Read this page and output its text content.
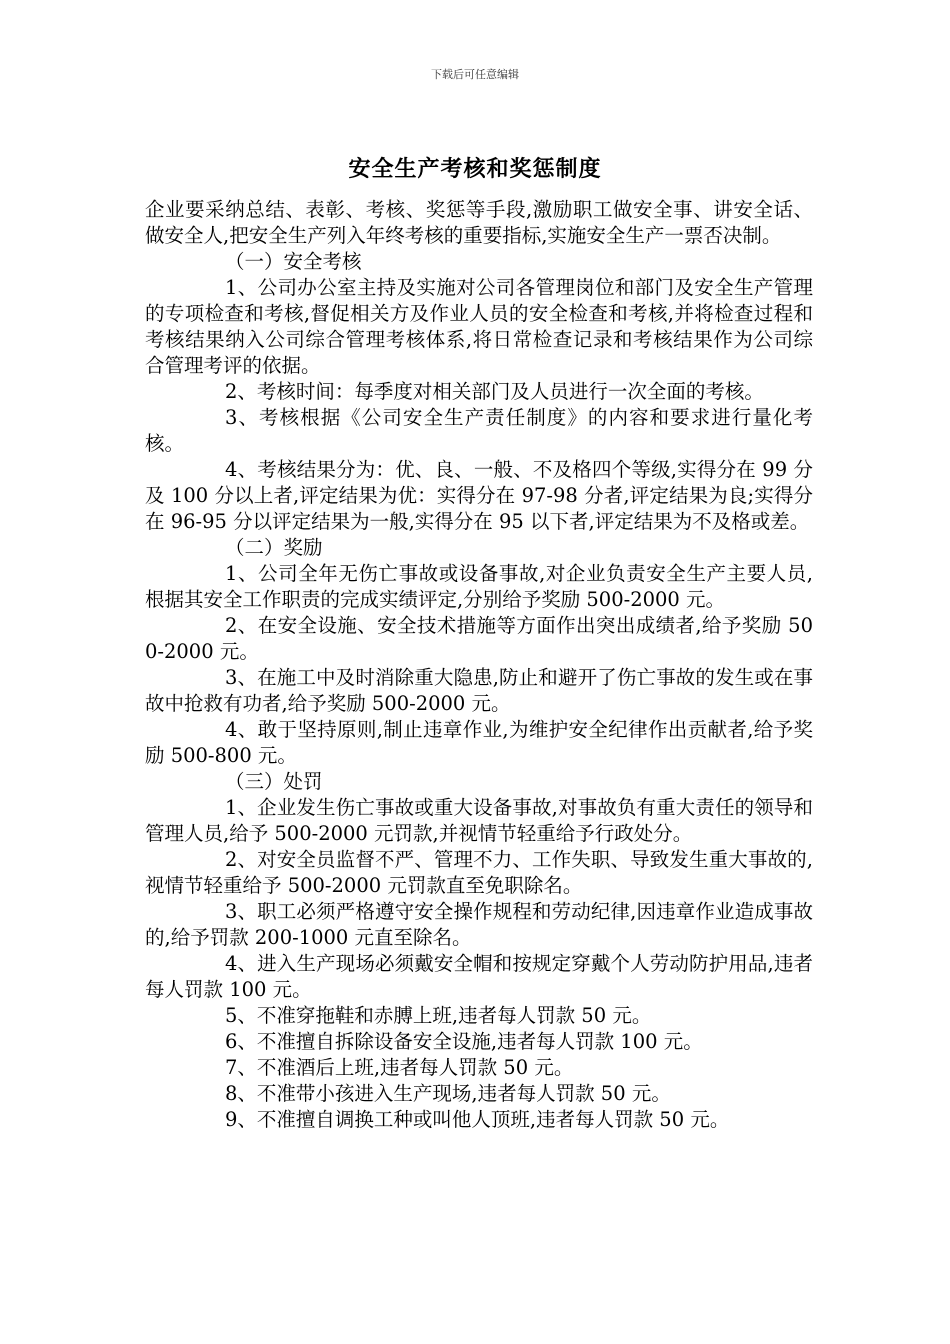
下载后可任意编辑
安全生产考核和奖惩制度

企业要采纳总结、表彰、考核、奖惩等手段,激励职工做安全事、讲安全话、做安全人,把安全生产列入年终考核的重要指标,实施安全生产一票否决制。

（一）安全考核

1、公司办公室主持及实施对公司各管理岗位和部门及安全生产管理的专项检查和考核,督促相关方及作业人员的安全检查和考核,并将检查过程和考核结果纳入公司综合管理考核体系,将日常检查记录和考核结果作为公司综合管理考评的依据。

2、考核时间：每季度对相关部门及人员进行一次全面的考核。

3、考核根据《公司安全生产责任制度》的内容和要求进行量化考核。

4、考核结果分为：优、良、一般、不及格四个等级,实得分在 99 分及 100 分以上者,评定结果为优：实得分在 97-98 分者,评定结果为良;实得分在 96-95 分以评定结果为一般,实得分在 95 以下者,评定结果为不及格或差。

（二）奖励

1、公司全年无伤亡事故或设备事故,对企业负责安全生产主要人员,根据其安全工作职责的完成实绩评定,分别给予奖励 500-2000 元。

2、在安全设施、安全技术措施等方面作出突出成绩者,给予奖励 500-2000 元。

3、在施工中及时消除重大隐患,防止和避开了伤亡事故的发生或在事故中抢救有功者,给予奖励 500-2000 元。

4、敢于坚持原则,制止违章作业,为维护安全纪律作出贡献者,给予奖励 500-800 元。

（三）处罚

1、企业发生伤亡事故或重大设备事故,对事故负有重大责任的领导和管理人员,给予 500-2000 元罚款,并视情节轻重给予行政处分。

2、对安全员监督不严、管理不力、工作失职、导致发生重大事故的,视情节轻重给予 500-2000 元罚款直至免职除名。

3、职工必须严格遵守安全操作规程和劳动纪律,因违章作业造成事故的,给予罚款 200-1000 元直至除名。

4、进入生产现场必须戴安全帽和按规定穿戴个人劳动防护用品,违者每人罚款 100 元。

5、不准穿拖鞋和赤膊上班,违者每人罚款 50 元。

6、不准擅自拆除设备安全设施,违者每人罚款 100 元。

7、不准酒后上班,违者每人罚款 50 元。

8、不准带小孩进入生产现场,违者每人罚款 50 元。

9、不准擅自调换工种或叫他人顶班,违者每人罚款 50 元。
